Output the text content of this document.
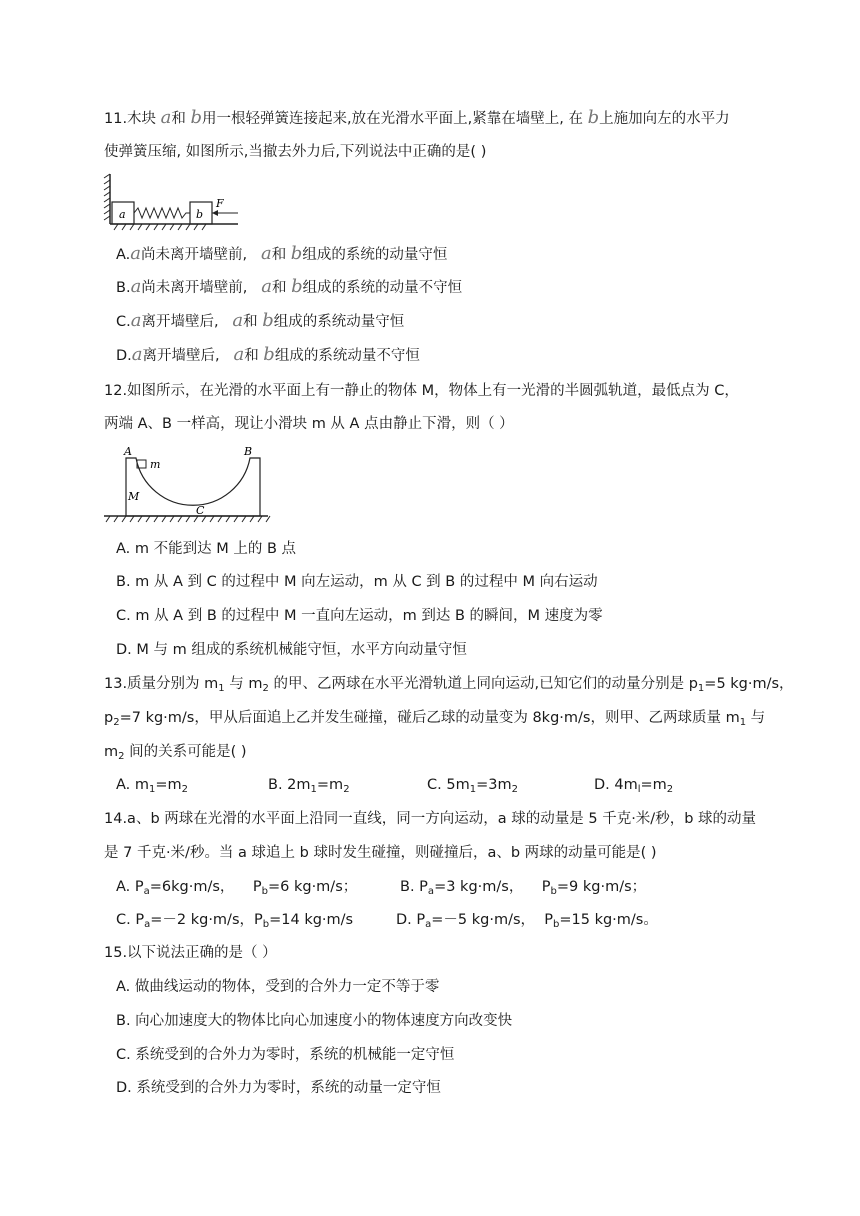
11.木块 a和 b用一根轻弹簧连接起来,放在光滑水平面上,紧靠在墙壁上, 在 b上施加向左的水平力
使弹簧压缩, 如图所示,当撤去外力后,下列说法中正确的是( )
a	b
F
A.a尚未离开墙壁前, a和 b组成的系统的动量守恒
B.a尚未离开墙壁前, a和 b组成的系统的动量不守恒
C.a离开墙壁后, a和 b组成的系统动量守恒
D.a离开墙壁后, a和 b组成的系统动量不守恒
12.如图所示，在光滑的水平面上有一静止的物体 M，物体上有一光滑的半圆弧轨道，最低点为 C，
两端 A、B 一样高，现让小滑块 m 从 A 点由静止下滑，则（ ）
A	B
m
M
C
A. m 不能到达 M 上的 B 点
B. m 从 A 到 C 的过程中 M 向左运动，m 从 C 到 B 的过程中 M 向右运动
C. m 从 A 到 B 的过程中 M 一直向左运动，m 到达 B 的瞬间，M 速度为零
D. M 与 m 组成的系统机械能守恒，水平方向动量守恒
13.质量分别为 $m_1$ 与 $m_2$ 的甲、乙两球在水平光滑轨道上同向运动,已知它们的动量分别是 $p_1=5$ kg·m/s，
$p_2=7$ kg·m/s，甲从后面追上乙并发生碰撞，碰后乙球的动量变为 8kg·m/s，则甲、乙两球质量 $m_1$ 与
$m_2$ 间的关系可能是( )
A. $m_1=m_2$	B. $2m_1=m_2$	C. $5m_1=3m_2$	D. $4m_l=m_2$
14.a、b 两球在光滑的水平面上沿同一直线，同一方向运动，a 球的动量是 5 千克·米/秒，b 球的动量
是 7 千克·米/秒。当 a 球追上 b 球时发生碰撞，则碰撞后，a、b 两球的动量可能是( )
A. $P_a=6kg\cdot m/s$， $P_b=6$ kg·m/s；	B. $P_a=3$ kg·m/s， $P_b=9$ kg·m/s；
C. $P_a=-2$ kg·m/s，$P_b=14$ kg·m/s	D. $P_a=-5$ kg·m/s， $P_b=15$ kg·m/s。
15.以下说法正确的是（ ）
A. 做曲线运动的物体，受到的合外力一定不等于零
B. 向心加速度大的物体比向心加速度小的物体速度方向改变快
C. 系统受到的合外力为零时，系统的机械能一定守恒
D. 系统受到的合外力为零时，系统的动量一定守恒
